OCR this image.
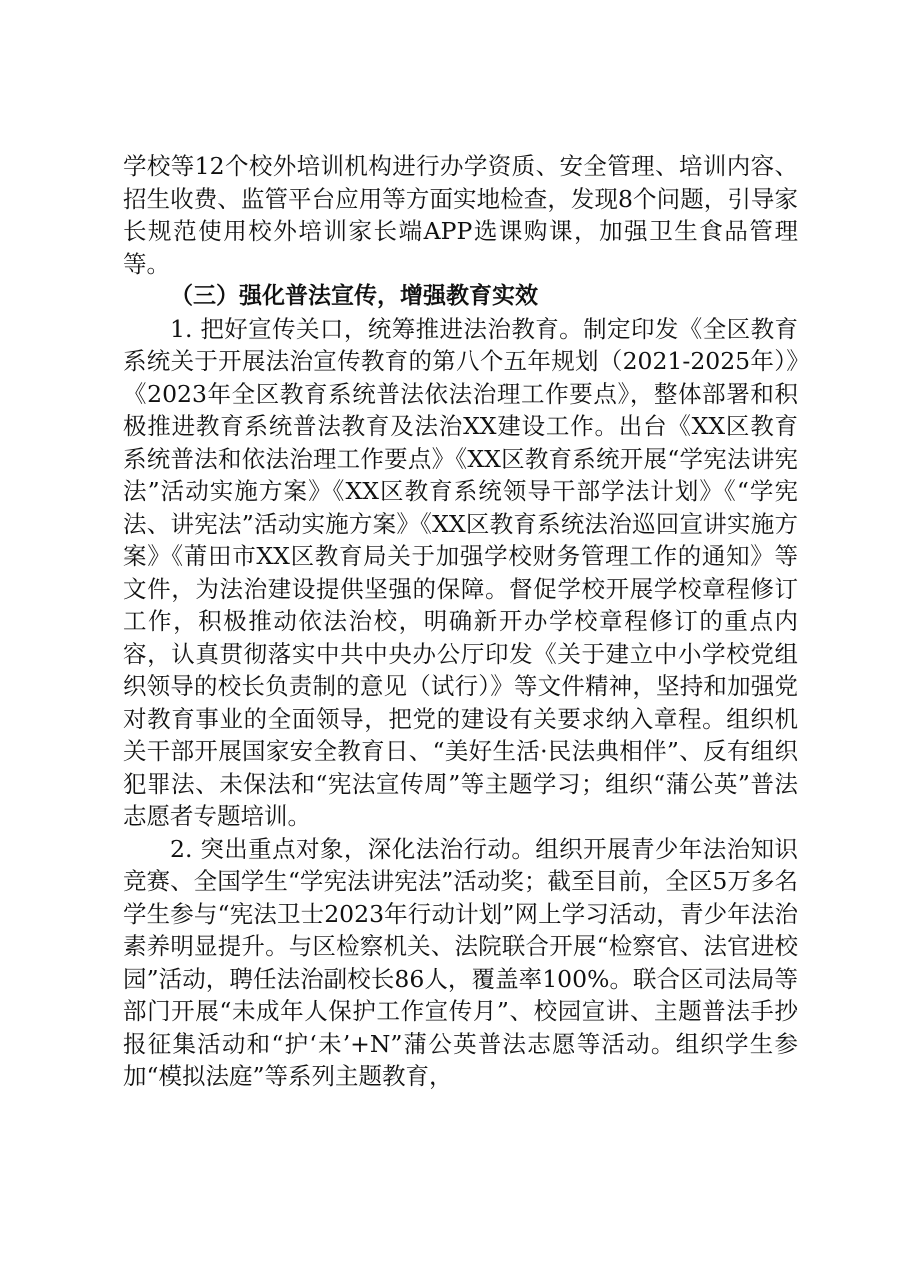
学校等12个校外培训机构进行办学资质、安全管理、培训内容、招生收费、监管平台应用等方面实地检查，发现8个问题，引导家长规范使用校外培训家长端APP选课购课，加强卫生食品管理等。

（三）强化普法宣传，增强教育实效

1. 把好宣传关口，统筹推进法治教育。制定印发《全区教育系统关于开展法治宣传教育的第八个五年规划（2021-2025年）》《2023年全区教育系统普法依法治理工作要点》，整体部署和积极推进教育系统普法教育及法治XX建设工作。出台《XX区教育系统普法和依法治理工作要点》《XX区教育系统开展“学宪法讲宪法”活动实施方案》《XX区教育系统领导干部学法计划》《“学宪法、讲宪法”活动实施方案》《XX区教育系统法治巡回宣讲实施方案》《莆田市XX区教育局关于加强学校财务管理工作的通知》等文件，为法治建设提供坚强的保障。督促学校开展学校章程修订工作，积极推动依法治校，明确新开办学校章程修订的重点内容，认真贯彻落实中共中央办公厅印发《关于建立中小学校党组织领导的校长负责制的意见（试行）》等文件精神，坚持和加强党对教育事业的全面领导，把党的建设有关要求纳入章程。组织机关干部开展国家安全教育日、“美好生活·民法典相伴”、反有组织犯罪法、未保法和“宪法宣传周”等主题学习；组织“蒲公英”普法志愿者专题培训。

2. 突出重点对象，深化法治行动。组织开展青少年法治知识竞赛、全国学生“学宪法讲宪法”活动奖；截至目前，全区5万多名学生参与“宪法卫士2023年行动计划”网上学习活动，青少年法治素养明显提升。与区检察机关、法院联合开展“检察官、法官进校园”活动，聘任法治副校长86人，覆盖率100%。联合区司法局等部门开展“未成年人保护工作宣传月”、校园宣讲、主题普法手抄报征集活动和“护‘未’+N”蒲公英普法志愿等活动。组织学生参加“模拟法庭”等系列主题教育，
